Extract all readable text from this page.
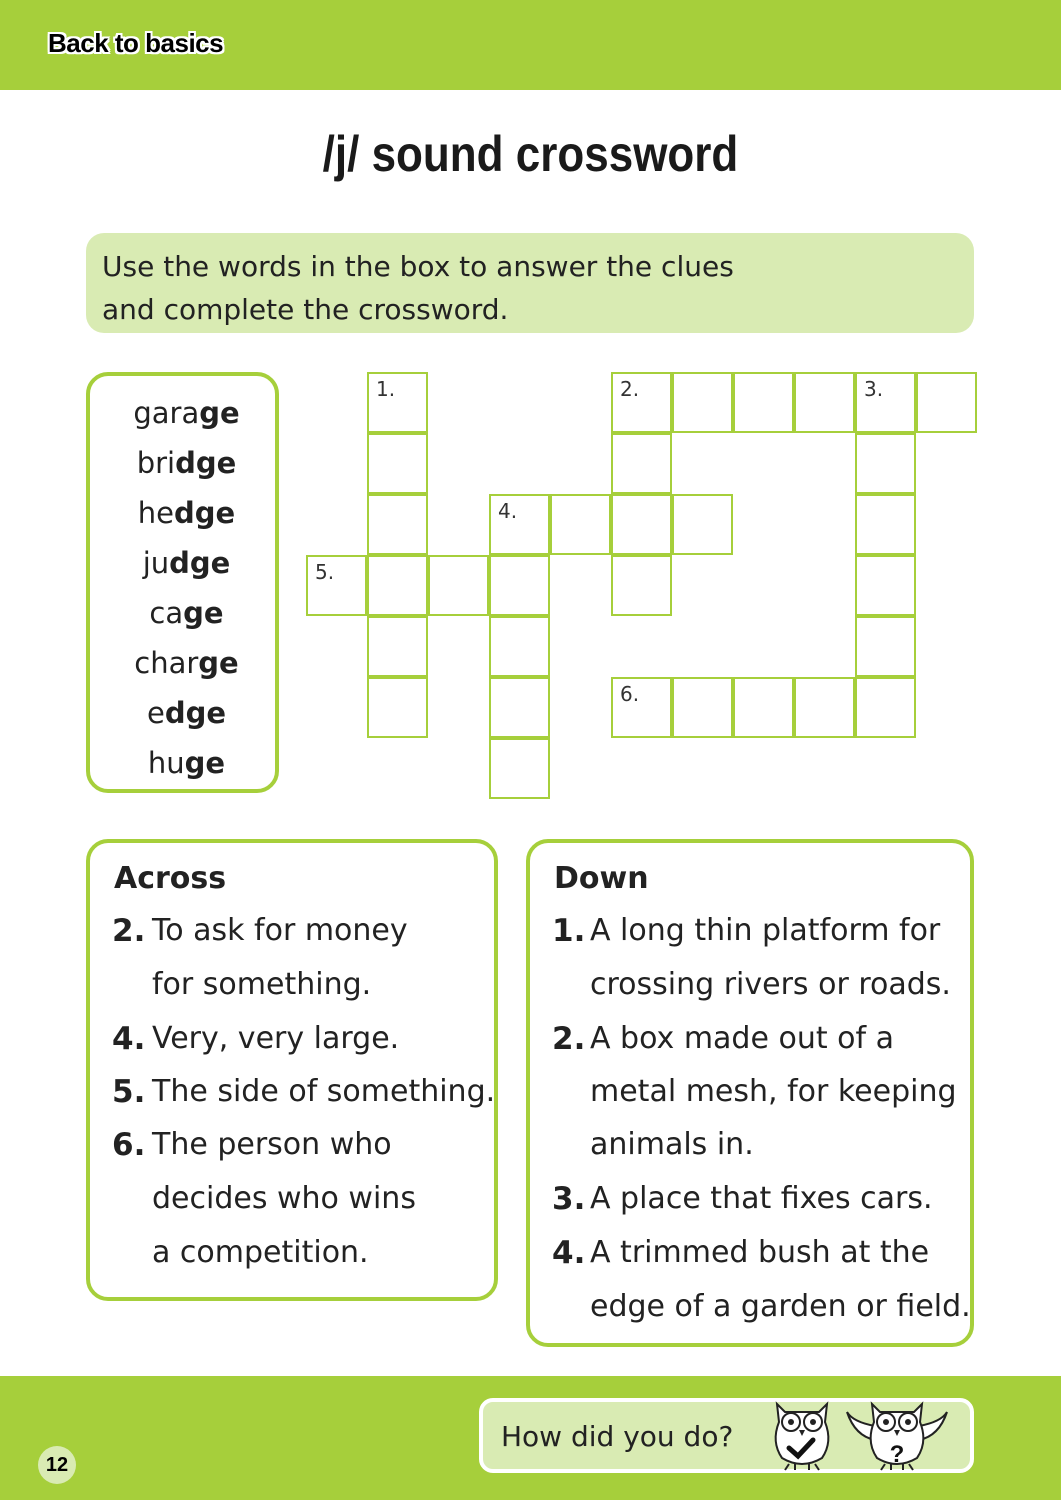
Back to basics
/j/ sound crossword

Use the words in the box to answer the clues
and complete the crossword.

garage
bridge
hedge
judge
cage
charge
edge
huge
1.	2.	3.
4.
5.
6.
Across
2. To ask for money
for something.
4. Very, very large.
5. The side of something.
6. The person who
decides who wins
a competition.
Down
1. A long thin platform for
crossing rivers or roads.
2. A box made out of a
metal mesh, for keeping
animals in.
3. A place that fixes cars.
4. A trimmed bush at the
edge of a garden or field.
12
How did you do?
?
